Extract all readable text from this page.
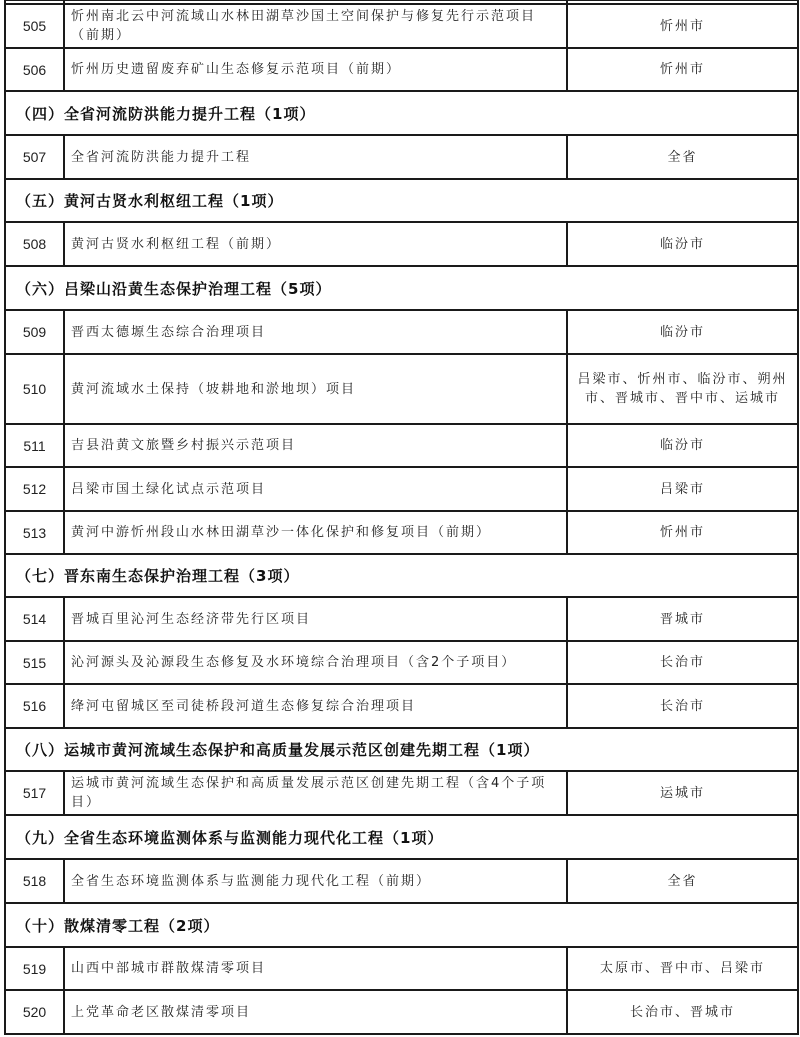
505	忻州南北云中河流域山水林田湖草沙国土空间保护与修复先行示范项目（前期）	忻州市
506	忻州历史遗留废弃矿山生态修复示范项目（前期）	忻州市
（四）全省河流防洪能力提升工程（1项）		
507	全省河流防洪能力提升工程	全省
（五）黄河古贤水利枢纽工程（1项）		
508	黄河古贤水利枢纽工程（前期）	临汾市
（六）吕梁山沿黄生态保护治理工程（5项）		
509	晋西太德塬生态综合治理项目	临汾市
510	黄河流域水土保持（坡耕地和淤地坝）项目	吕梁市、忻州市、临汾市、朔州市、晋城市、晋中市、运城市
511	吉县沿黄文旅暨乡村振兴示范项目	临汾市
512	吕梁市国土绿化试点示范项目	吕梁市
513	黄河中游忻州段山水林田湖草沙一体化保护和修复项目（前期）	忻州市
（七）晋东南生态保护治理工程（3项）		
514	晋城百里沁河生态经济带先行区项目	晋城市
515	沁河源头及沁源段生态修复及水环境综合治理项目（含2个子项目）	长治市
516	绛河屯留城区至司徒桥段河道生态修复综合治理项目	长治市
（八）运城市黄河流域生态保护和高质量发展示范区创建先期工程（1项）		
517	运城市黄河流域生态保护和高质量发展示范区创建先期工程（含4个子项目）	运城市
（九）全省生态环境监测体系与监测能力现代化工程（1项）		
518	全省生态环境监测体系与监测能力现代化工程（前期）	全省
（十）散煤清零工程（2项）		
519	山西中部城市群散煤清零项目	太原市、晋中市、吕梁市
520	上党革命老区散煤清零项目	长治市、晋城市
